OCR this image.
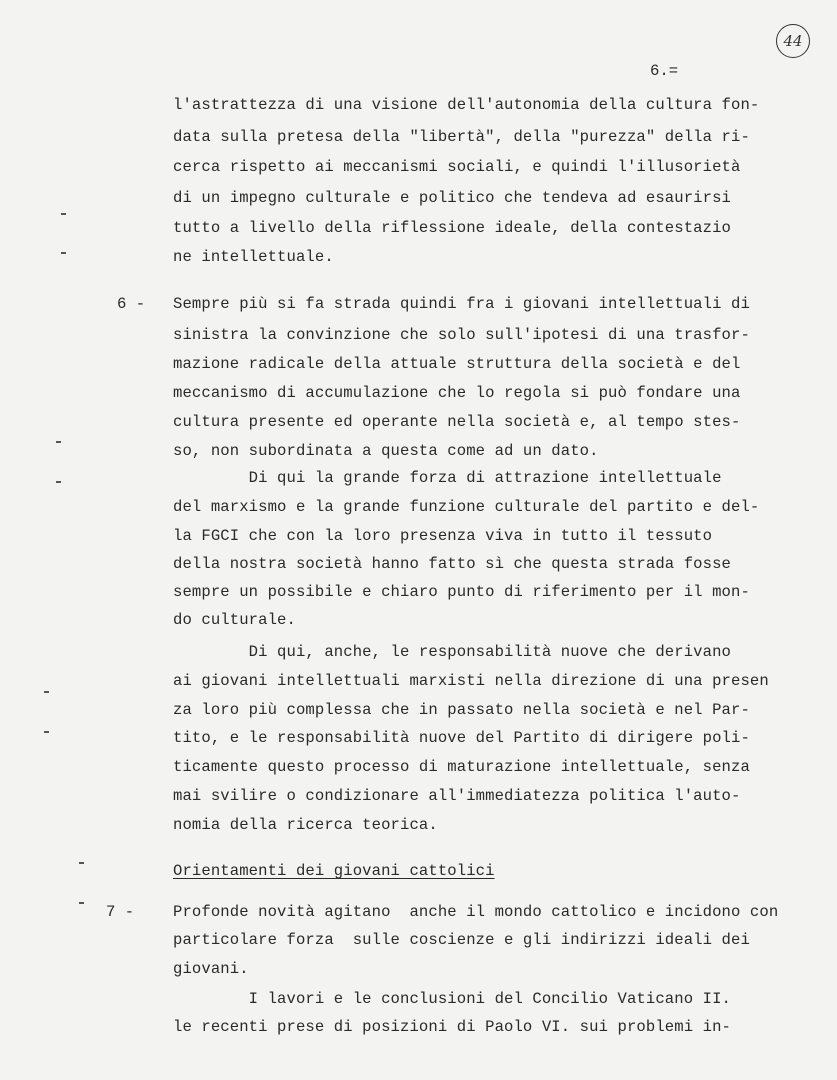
44
6.=
l'astrattezza di una visione dell'autonomia della cultura fon-
data sulla pretesa della "libertà", della "purezza" della ri-
cerca rispetto ai meccanismi sociali, e quindi l'illusorietà
di un impegno culturale e politico che tendeva ad esaurirsi
tutto a livello della riflessione ideale, della contestazio
ne intellettuale.
6 - Sempre più si fa strada quindi fra i giovani intellettuali di
sinistra la convinzione che solo sull'ipotesi di una trasfor-
mazione radicale della attuale struttura della società e del
meccanismo di accumulazione che lo regola si può fondare una
cultura presente ed operante nella società e, al tempo stes-
so, non subordinata a questa come ad un dato.
Di qui la grande forza di attrazione intellettuale
del marxismo e la grande funzione culturale del partito e del-
la FGCI che con la loro presenza viva in tutto il tessuto
della nostra società hanno fatto sì che questa strada fosse
sempre un possibile e chiaro punto di riferimento per il mon-
do culturale.
Di qui, anche, le responsabilità nuove che derivano
ai giovani intellettuali marxisti nella direzione di una presen
za loro più complessa che in passato nella società e nel Par-
tito, e le responsabilità nuove del Partito di dirigere poli-
ticamente questo processo di maturazione intellettuale, senza
mai svilire o condizionare all'immediatezza politica l'auto-
nomia della ricerca teorica.
Orientamenti dei giovani cattolici
7 - Profonde novità agitano  anche il mondo cattolico e incidono con
particolare forza  sulle coscienze e gli indirizzi ideali dei
giovani.
I lavori e le conclusioni del Concilio Vaticano II.
le recenti prese di posizioni di Paolo VI. sui problemi in-
